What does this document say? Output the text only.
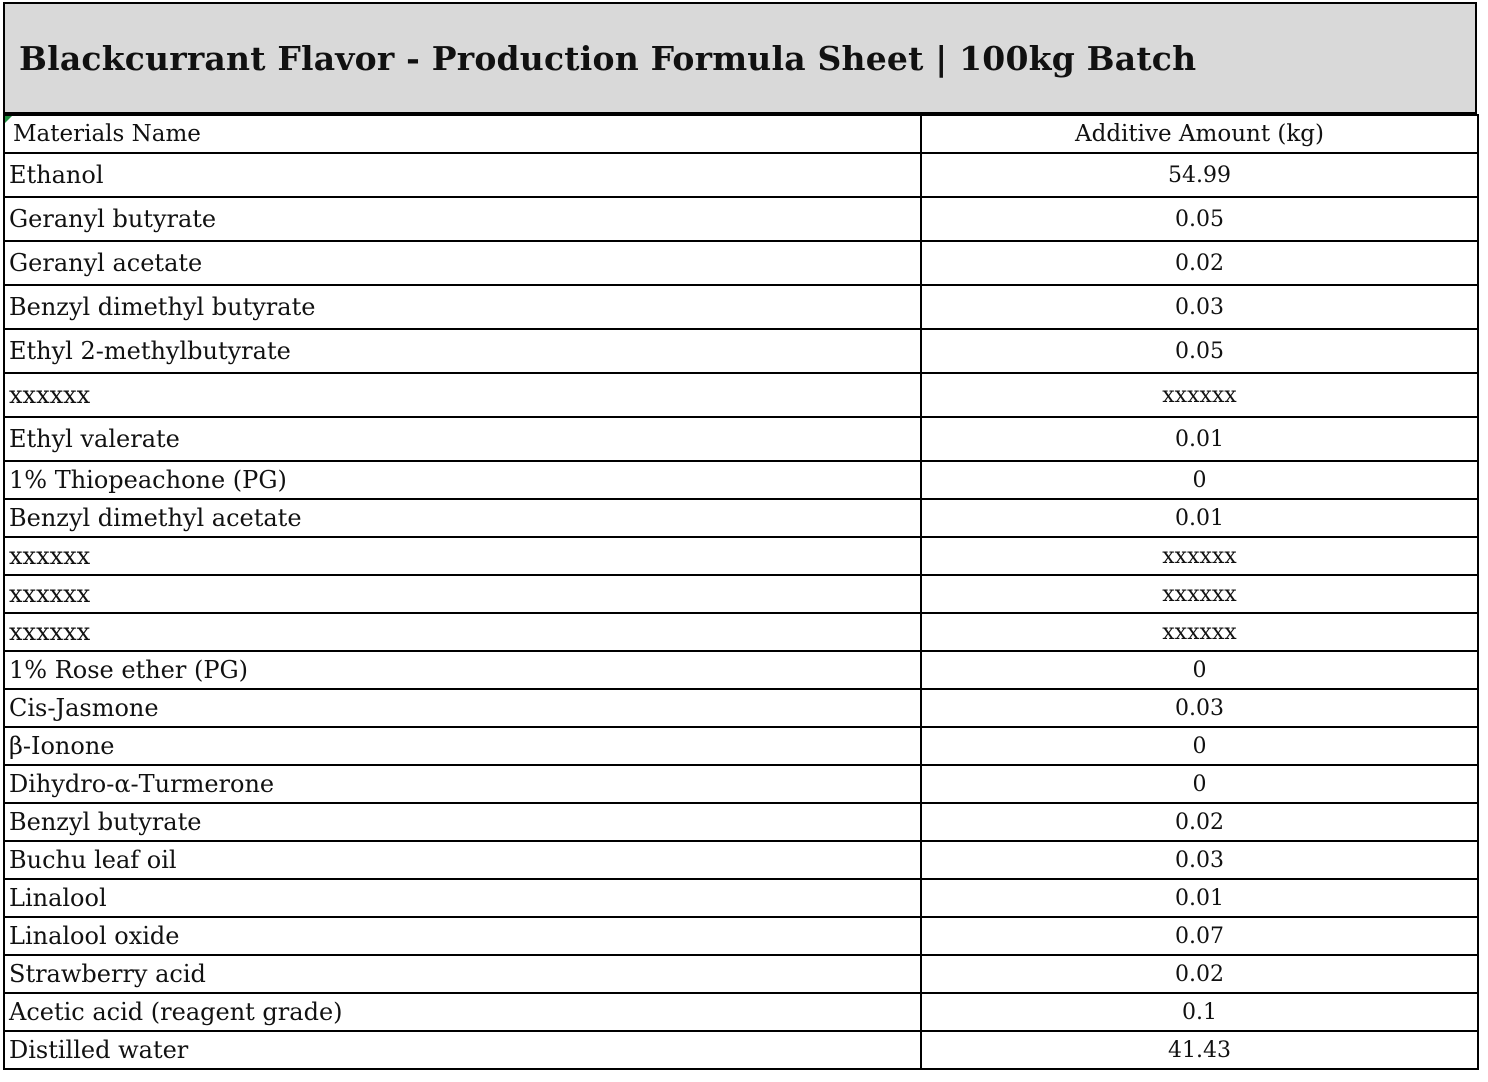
Blackcurrant Flavor - Production Formula Sheet | 100kg Batch
Materials Name	Additive Amount (kg)
Ethanol	54.99
Geranyl butyrate	0.05
Geranyl acetate	0.02
Benzyl dimethyl butyrate	0.03
Ethyl 2-methylbutyrate	0.05
xxxxxx	xxxxxx
Ethyl valerate	0.01
1% Thiopeachone (PG)	0
Benzyl dimethyl acetate	0.01
xxxxxx	xxxxxx
xxxxxx	xxxxxx
xxxxxx	xxxxxx
1% Rose ether (PG)	0
Cis-Jasmone	0.03
β-Ionone	0
Dihydro-α-Turmerone	0
Benzyl butyrate	0.02
Buchu leaf oil	0.03
Linalool	0.01
Linalool oxide	0.07
Strawberry acid	0.02
Acetic acid (reagent grade)	0.1
Distilled water	41.43
